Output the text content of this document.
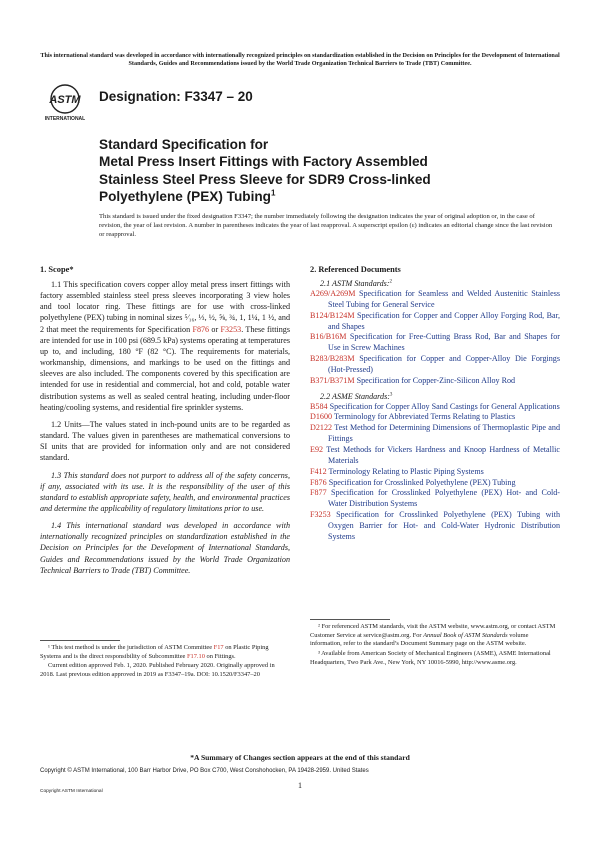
This international standard was developed in accordance with internationally recognized principles on standardization established in the Decision on Principles for the Development of International Standards, Guides and Recommendations issued by the World Trade Organization Technical Barriers to Trade (TBT) Committee.
ASTM
INTERNATIONAL
Designation: F3347 – 20
Standard Specification for
Metal Press Insert Fittings with Factory Assembled
Stainless Steel Press Sleeve for SDR9 Cross-linked
Polyethylene (PEX) Tubing$^1$
This standard is issued under the fixed designation F3347; the number immediately following the designation indicates the year of original adoption or, in the case of revision, the year of last revision. A number in parentheses indicates the year of last reapproval. A superscript epsilon (ε) indicates an editorial change since the last revision or reapproval.
1. Scope*

1.1 This specification covers copper alloy metal press insert fittings with factory assembled stainless steel press sleeves incorporating 3 view holes and tool locator ring. These fittings are for use with cross-linked polyethylene (PEX) tubing in nominal sizes ⁵⁄₁₆, ⅓, ½, ⅝, ¾, 1, 1¼, 1 ½, and 2 that meet the requirements for Specification F876 or F3253. These fittings are intended for use in 100 psi (689.5 kPa) systems operating at temperatures up to, and including, 180 °F (82 °C). The requirements for materials, workmanship, dimensions, and markings to be used on the fittings and sleeves are also included. The components covered by this specification are intended for use in residential and commercial, hot and cold, potable water distribution systems as well as sealed central heating, including under-floor heating/cooling systems, and residential fire sprinkler systems.

1.2 Units—The values stated in inch-pound units are to be regarded as standard. The values given in parentheses are mathematical conversions to SI units that are provided for information only and are not considered standard.

1.3 This standard does not purport to address all of the safety concerns, if any, associated with its use. It is the responsibility of the user of this standard to establish appropriate safety, health, and environmental practices and determine the applicability of regulatory limitations prior to use.

1.4 This international standard was developed in accordance with internationally recognized principles on standardization established in the Decision on Principles for the Development of International Standards, Guides and Recommendations issued by the World Trade Organization Technical Barriers to Trade (TBT) Committee.

¹ This test method is under the jurisdiction of ASTM Committee F17 on Plastic Piping Systems and is the direct responsibility of Subcommittee F17.10 on Fittings.

Current edition approved Feb. 1, 2020. Published February 2020. Originally approved in 2018. Last previous edition approved in 2019 as F3347–19a. DOI: 10.1520/F3347–20

2. Referenced Documents
2.1 ASTM Standards:$^2$
A269/A269M Specification for Seamless and Welded Austenitic Stainless Steel Tubing for General Service
B124/B124M Specification for Copper and Copper Alloy Forging Rod, Bar, and Shapes
B16/B16M Specification for Free-Cutting Brass Rod, Bar and Shapes for Use in Screw Machines
B283/B283M Specification for Copper and Copper-Alloy Die Forgings (Hot-Pressed)
B371/B371M Specification for Copper-Zinc-Silicon Alloy Rod
2.2 ASME Standards:$^3$
B584 Specification for Copper Alloy Sand Castings for General Applications
D1600 Terminology for Abbreviated Terms Relating to Plastics
D2122 Test Method for Determining Dimensions of Thermoplastic Pipe and Fittings
E92 Test Methods for Vickers Hardness and Knoop Hardness of Metallic Materials
F412 Terminology Relating to Plastic Piping Systems
F876 Specification for Crosslinked Polyethylene (PEX) Tubing
F877 Specification for Crosslinked Polyethylene (PEX) Hot- and Cold-Water Distribution Systems
F3253 Specification for Crosslinked Polyethylene (PEX) Tubing with Oxygen Barrier for Hot- and Cold-Water Hydronic Distribution Systems

² For referenced ASTM standards, visit the ASTM website, www.astm.org, or contact ASTM Customer Service at service@astm.org. For Annual Book of ASTM Standards volume information, refer to the standard’s Document Summary page on the ASTM website.

³ Available from American Society of Mechanical Engineers (ASME), ASME International Headquarters, Two Park Ave., New York, NY 10016-5990, http://www.asme.org.

*A Summary of Changes section appears at the end of this standard
Copyright © ASTM International, 100 Barr Harbor Drive, PO Box C700, West Conshohocken, PA 19428-2959. United States
1
Copyright ASTM International
